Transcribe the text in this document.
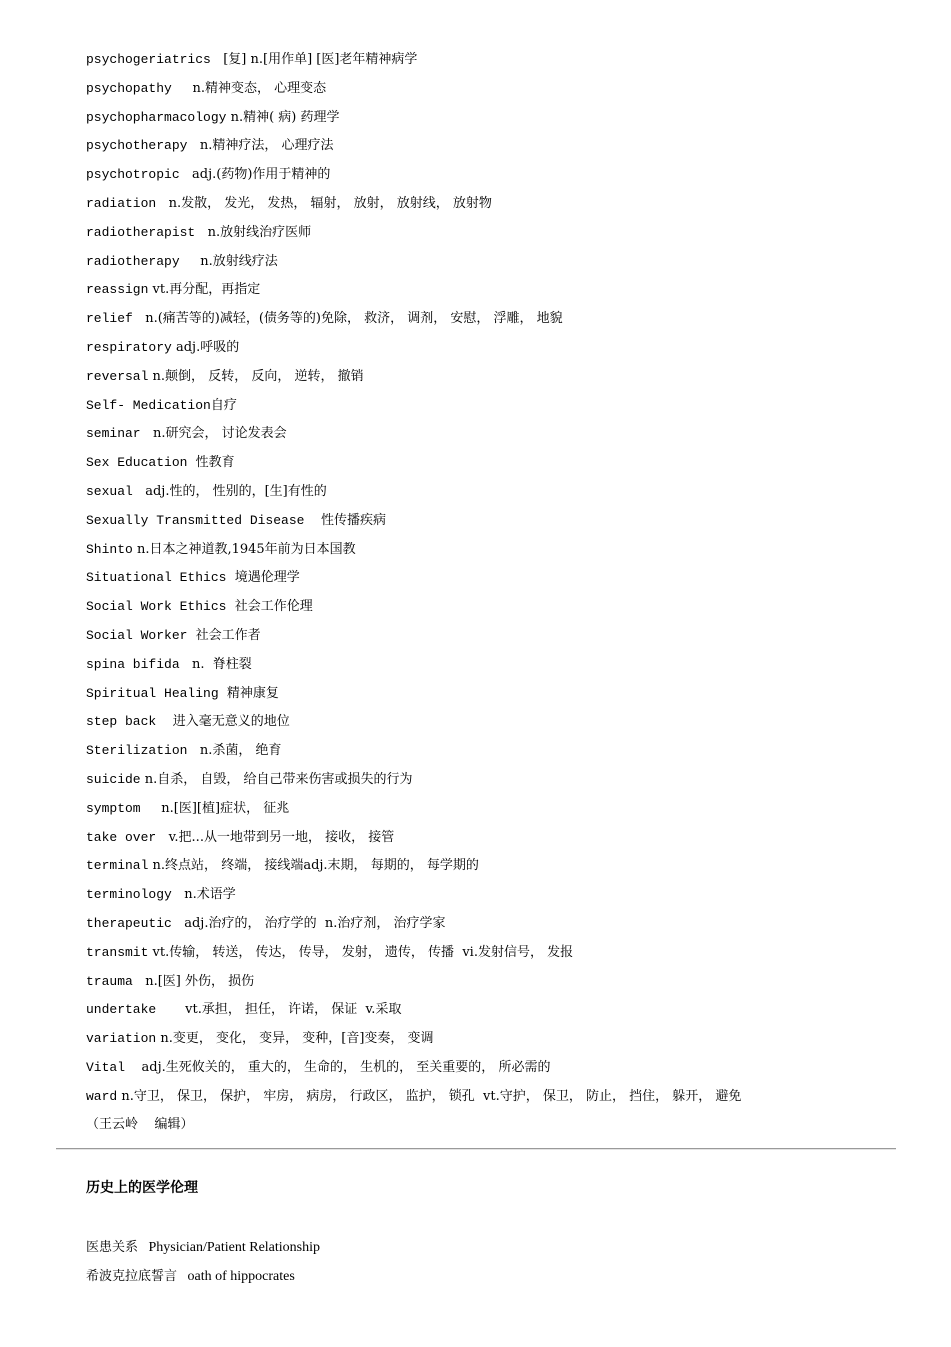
psychogeriatrics   [复] n.[用作单] [医]老年精神病学
psychopathy     n.精神变态， 心理变态
psychopharmacology n.精神( 病) 药理学
psychotherapy   n.精神疗法， 心理疗法
psychotropic   adj.(药物)作用于精神的
radiation   n.发散， 发光， 发热， 辐射， 放射， 放射线， 放射物
radiotherapist   n.放射线治疗医师
radiotherapy     n.放射线疗法
reassign vt.再分配，再指定
relief   n.(痛苦等的)减轻，(债务等的)免除， 救济， 调剂， 安慰， 浮雕， 地貌
respiratory adj.呼吸的
reversal n.颠倒， 反转， 反向， 逆转， 撤销
Self- Medication自疗
seminar   n.研究会， 讨论发表会
Sex Education  性教育
sexual   adj.性的， 性别的，[生]有性的
Sexually Transmitted Disease    性传播疾病
Shinto n.日本之神道教,1945年前为日本国教
Situational Ethics  境遇伦理学
Social Work Ethics  社会工作伦理
Social Worker  社会工作者
spina bifida   n.  脊柱裂
Spiritual Healing  精神康复
step back    进入毫无意义的地位
Sterilization   n.杀菌， 绝育
suicide n.自杀， 自毁， 给自己带来伤害或损失的行为
symptom     n.[医][植]症状， 征兆
take over   v.把...从一地带到另一地， 接收， 接管
terminal n.终点站， 终端， 接线端adj.末期， 每期的， 每学期的
terminology   n.术语学
therapeutic   adj.治疗的， 治疗学的  n.治疗剂， 治疗学家
transmit vt.传输， 转送， 传达， 传导， 发射， 遗传， 传播  vi.发射信号， 发报
trauma   n.[医] 外伤， 损伤
undertake       vt.承担， 担任， 许诺， 保证  v.采取
variation n.变更， 变化， 变异， 变种，[音]变奏， 变调
Vital    adj.生死攸关的， 重大的， 生命的， 生机的， 至关重要的， 所必需的
ward n.守卫， 保卫， 保护， 牢房， 病房， 行政区， 监护， 锁孔  vt.守护， 保卫， 防止， 挡住， 躲开， 避免
（王云岭    编辑）
历史上的医学伦理
医患关系 Physician/Patient Relationship
希波克拉底誓言 oath of hippocrates
